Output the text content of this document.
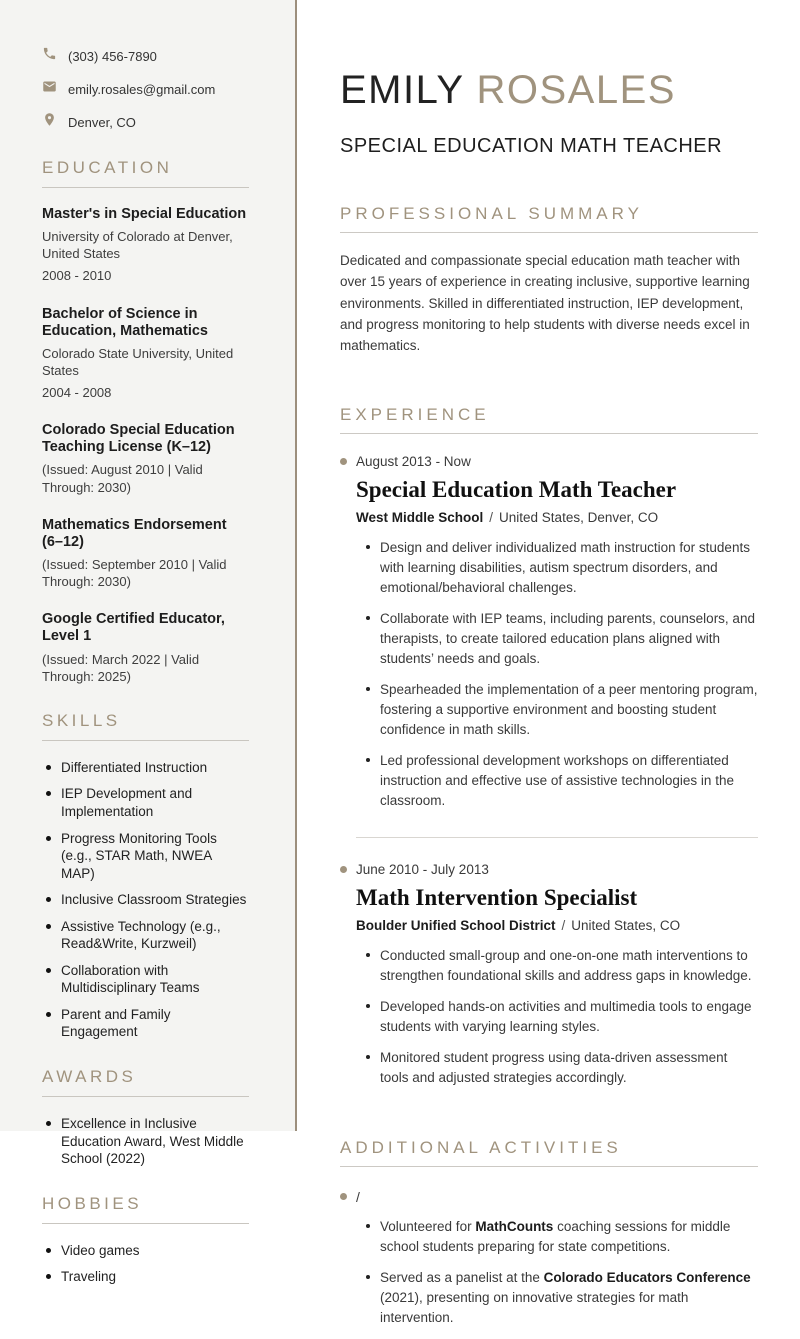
(303) 456-7890
emily.rosales@gmail.com
Denver, CO
EDUCATION
Master's in Special Education
University of Colorado at Denver, United States
2008 - 2010
Bachelor of Science in Education, Mathematics
Colorado State University, United States
2004 - 2008
Colorado Special Education Teaching License (K–12)
(Issued: August 2010 | Valid Through: 2030)
Mathematics Endorsement (6–12)
(Issued: September 2010 | Valid Through: 2030)
Google Certified Educator, Level 1
(Issued: March 2022 | Valid Through: 2025)
SKILLS
Differentiated Instruction
IEP Development and Implementation
Progress Monitoring Tools (e.g., STAR Math, NWEA MAP)
Inclusive Classroom Strategies
Assistive Technology (e.g., Read&Write, Kurzweil)
Collaboration with Multidisciplinary Teams
Parent and Family Engagement
AWARDS
Excellence in Inclusive Education Award, West Middle School (2022)
HOBBIES
Video games
Traveling
EMILY ROSALES
SPECIAL EDUCATION MATH TEACHER
PROFESSIONAL SUMMARY

Dedicated and compassionate special education math teacher with over 15 years of experience in creating inclusive, supportive learning environments. Skilled in differentiated instruction, IEP development, and progress monitoring to help students with diverse needs excel in mathematics.

EXPERIENCE
August 2013 - Now
Special Education Math Teacher
West Middle School / United States, Denver, CO
Design and deliver individualized math instruction for students with learning disabilities, autism spectrum disorders, and emotional/behavioral challenges.
Collaborate with IEP teams, including parents, counselors, and therapists, to create tailored education plans aligned with students’ needs and goals.
Spearheaded the implementation of a peer mentoring program, fostering a supportive environment and boosting student confidence in math skills.
Led professional development workshops on differentiated instruction and effective use of assistive technologies in the classroom.
June 2010 - July 2013
Math Intervention Specialist
Boulder Unified School District / United States, CO
Conducted small-group and one-on-one math interventions to strengthen foundational skills and address gaps in knowledge.
Developed hands-on activities and multimedia tools to engage students with varying learning styles.
Monitored student progress using data-driven assessment tools and adjusted strategies accordingly.
ADDITIONAL ACTIVITIES
/
Volunteered for MathCounts coaching sessions for middle school students preparing for state competitions.
Served as a panelist at the Colorado Educators Conference (2021), presenting on innovative strategies for math intervention.
